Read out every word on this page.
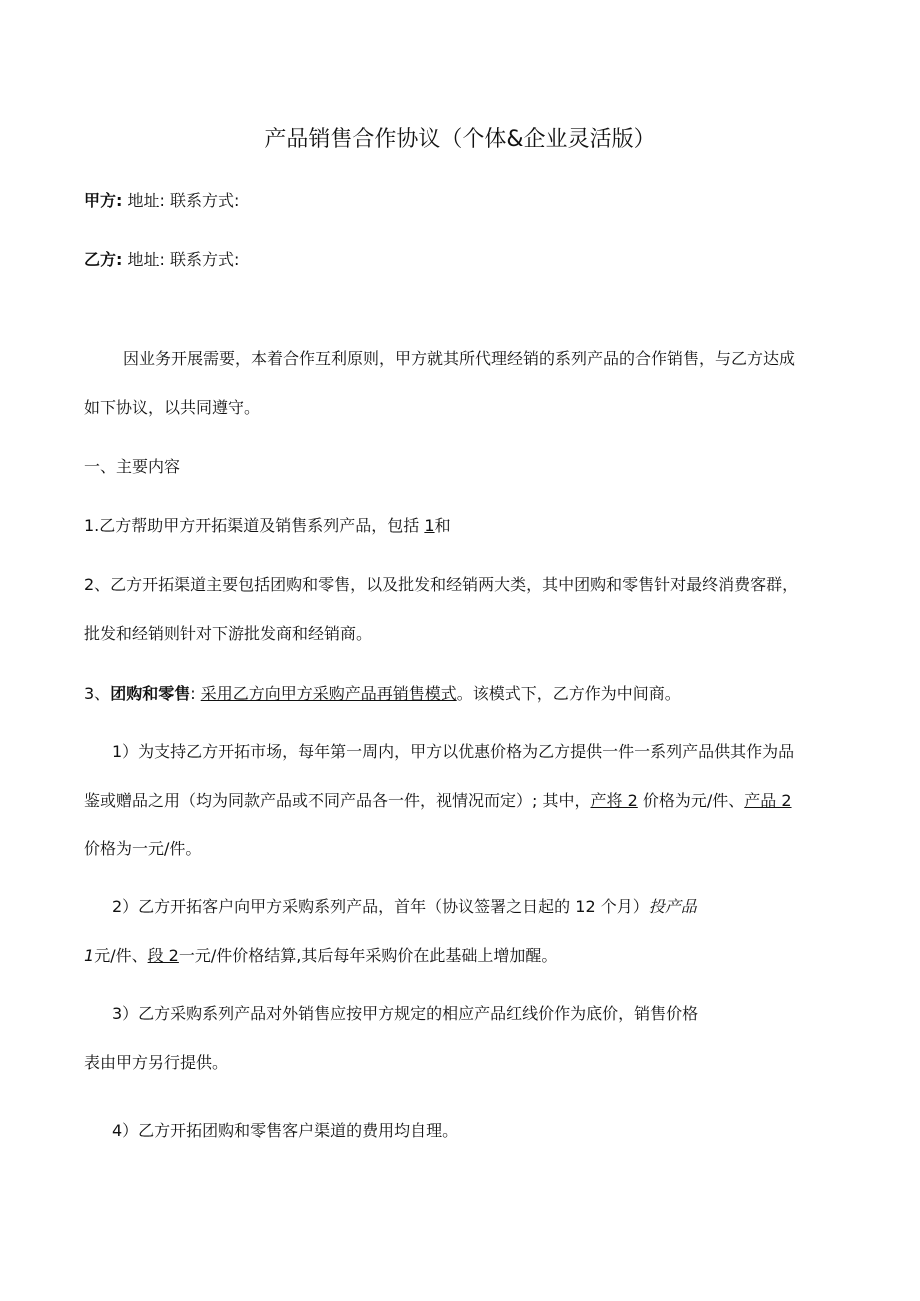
产品销售合作协议（个体&企业灵活版）
甲方: 地址: 联系方式:
乙方: 地址: 联系方式:
因业务开展需要，本着合作互利原则，甲方就其所代理经销的系列产品的合作销售，与乙方达成
如下协议，以共同遵守。
一、主要内容
1.乙方帮助甲方开拓渠道及销售系列产品，包括 1和
2、乙方开拓渠道主要包括团购和零售，以及批发和经销两大类，其中团购和零售针对最终消费客群，
批发和经销则针对下游批发商和经销商。
3、团购和零售: 采用乙方向甲方采购产品再销售模式。该模式下，乙方作为中间商。
1）为支持乙方开拓市场，每年第一周内，甲方以优惠价格为乙方提供一件一系列产品供其作为品
鉴或赠品之用（均为同款产品或不同产品各一件，视情况而定）; 其中，产将 2 价格为元/件、产品 2
价格为一元/件。
2）乙方开拓客户向甲方采购系列产品，首年（协议签署之日起的 12 个月）投产品
1元/件、段 2一元/件价格结算,其后每年采购价在此基础上增加醒。
3）乙方采购系列产品对外销售应按甲方规定的相应产品红线价作为底价，销售价格
表由甲方另行提供。
4）乙方开拓团购和零售客户渠道的费用均自理。
